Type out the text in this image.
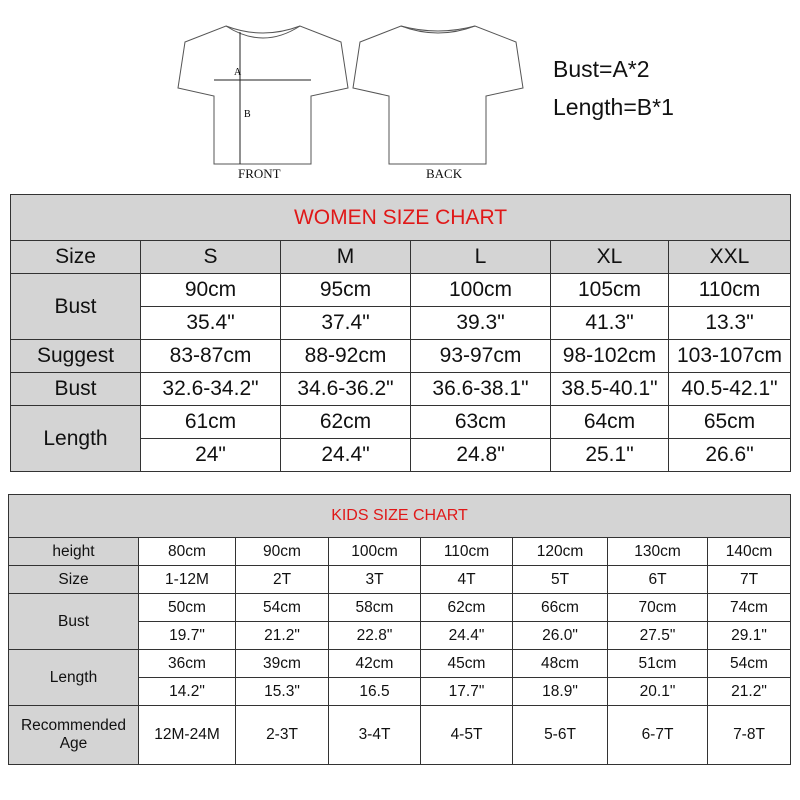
A
B
FRONT	BACK
Bust=A*2
Length=B*1
WOMEN SIZE CHART					
Size	S	M	L	XL	XXL
Bust	90cm	95cm	100cm	105cm	110cm
	35.4"	37.4"	39.3"	41.3"	13.3"
Suggest	83-87cm	88-92cm	93-97cm	98-102cm	103-107cm
Bust	32.6-34.2"	34.6-36.2"	36.6-38.1"	38.5-40.1"	40.5-42.1"
Length	61cm	62cm	63cm	64cm	65cm
	24"	24.4"	24.8"	25.1"	26.6"
KIDS SIZE CHART							
height	80cm	90cm	100cm	110cm	120cm	130cm	140cm
Size	1-12M	2T	3T	4T	5T	6T	7T
Bust	50cm	54cm	58cm	62cm	66cm	70cm	74cm
	19.7"	21.2"	22.8"	24.4"	26.0"	27.5"	29.1"
Length	36cm	39cm	42cm	45cm	48cm	51cm	54cm
	14.2"	15.3"	16.5	17.7"	18.9"	20.1"	21.2"

Recommended
Age	12M-24M	2-3T	3-4T	4-5T	5-6T	6-7T	7-8T
